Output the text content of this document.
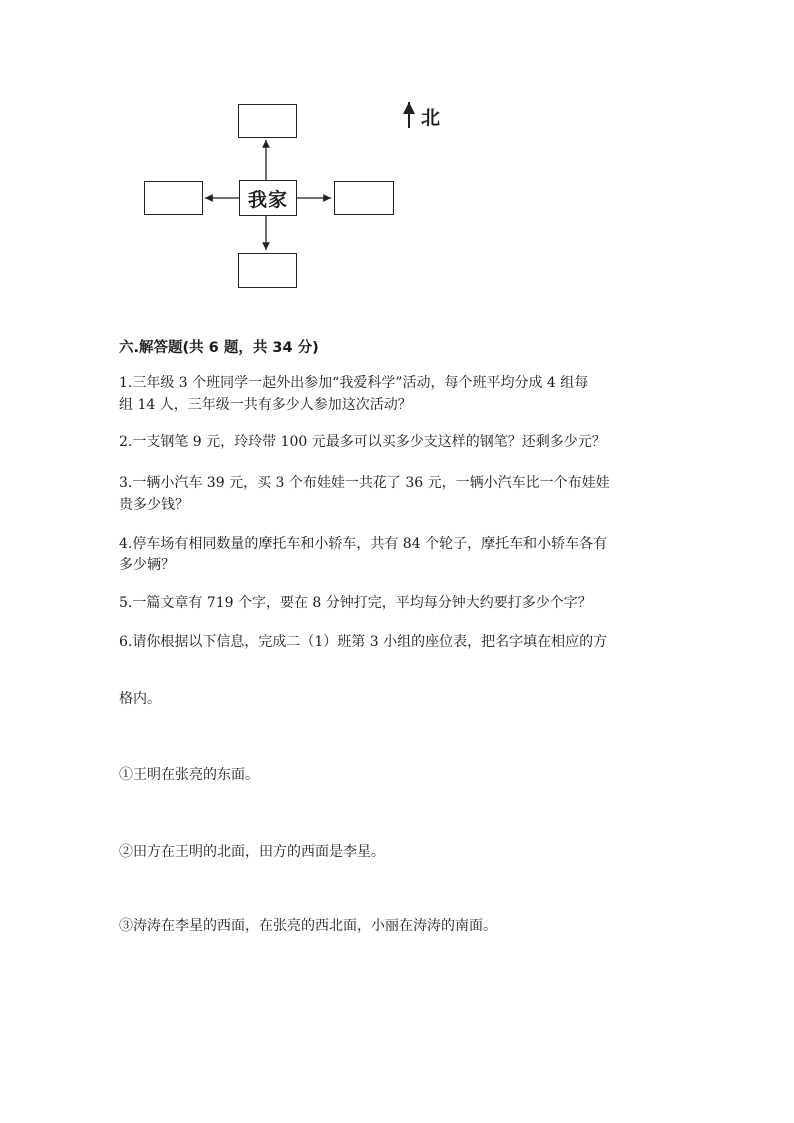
我家
北
六.解答题(共 6 题，共 34 分)
1.三年级 3 个班同学一起外出参加“我爱科学”活动，每个班平均分成 4 组每
组 14 人，三年级一共有多少人参加这次活动？
2.一支钢笔 9 元，玲玲带 100 元最多可以买多少支这样的钢笔？还剩多少元？
3.一辆小汽车 39 元，买 3 个布娃娃一共花了 36 元，一辆小汽车比一个布娃娃
贵多少钱？
4.停车场有相同数量的摩托车和小轿车，共有 84 个轮子，摩托车和小轿车各有
多少辆？
5.一篇文章有 719 个字，要在 8 分钟打完，平均每分钟大约要打多少个字？
6.请你根据以下信息，完成二（1）班第 3 小组的座位表，把名字填在相应的方
格内。
①王明在张亮的东面。
②田方在王明的北面，田方的西面是李星。
③涛涛在李星的西面，在张亮的西北面，小丽在涛涛的南面。
